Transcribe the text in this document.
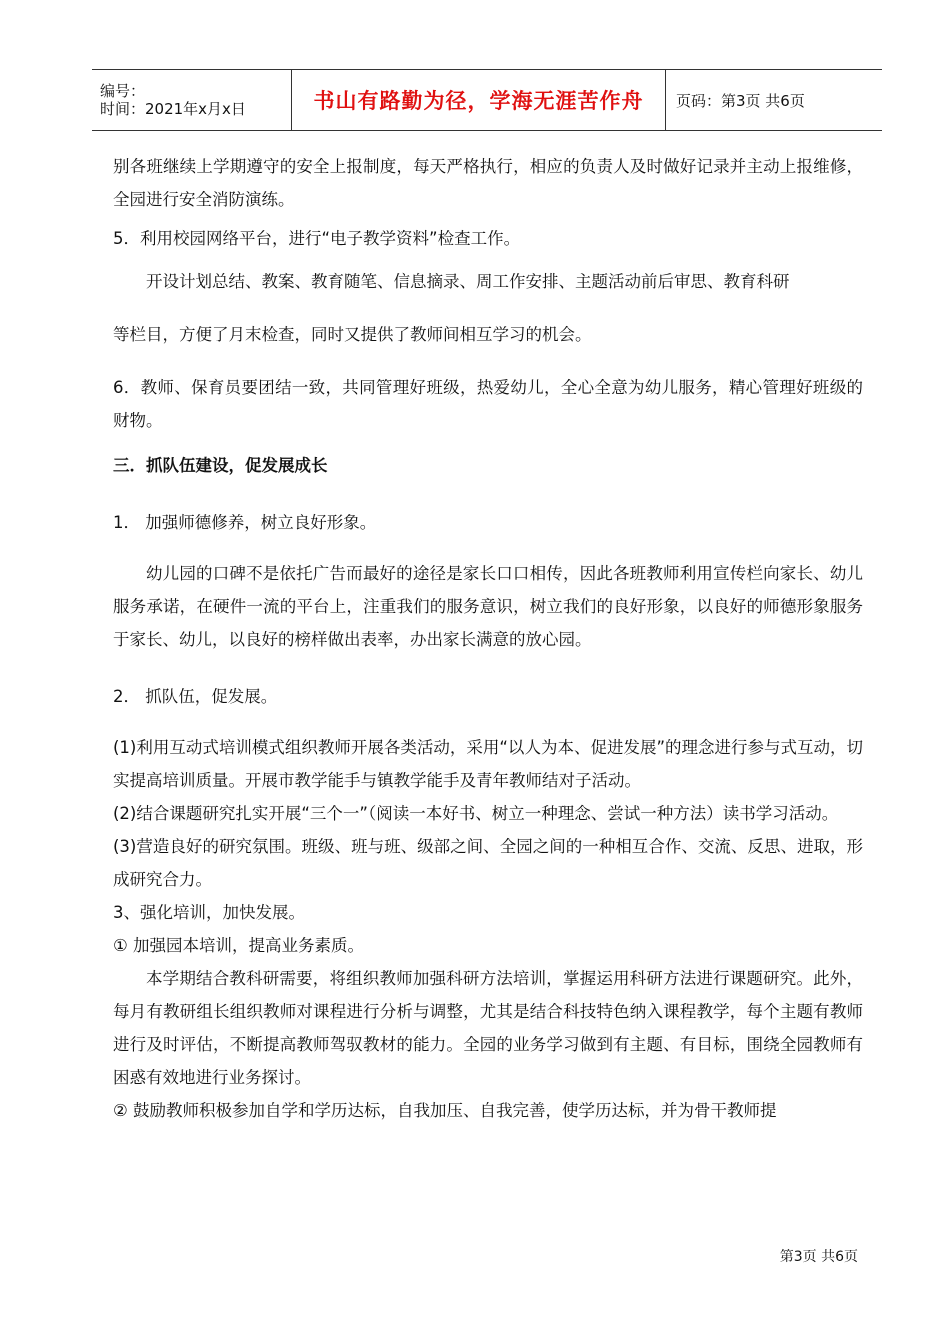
编号：
时间：2021年x月x日	书山有路勤为径，学海无涯苦作舟 页码：第3页 共6页

别各班继续上学期遵守的安全上报制度，每天严格执行，相应的负责人及时做好记录并主动上报维修，全园进行安全消防演练。

5．利用校园网络平台，进行“电子教学资料”检查工作。

开设计划总结、教案、教育随笔、信息摘录、周工作安排、主题活动前后审思、教育科研

等栏目，方便了月末检查，同时又提供了教师间相互学习的机会。

6．教师、保育员要团结一致，共同管理好班级，热爱幼儿，全心全意为幼儿服务，精心管理好班级的财物。

三．抓队伍建设，促发展成长

1． 加强师德修养，树立良好形象。

幼儿园的口碑不是依托广告而最好的途径是家长口口相传，因此各班教师利用宣传栏向家长、幼儿服务承诺，在硬件一流的平台上，注重我们的服务意识，树立我们的良好形象，以良好的师德形象服务于家长、幼儿，以良好的榜样做出表率，办出家长满意的放心园。

2． 抓队伍，促发展。

(1)利用互动式培训模式组织教师开展各类活动，采用“以人为本、促进发展”的理念进行参与式互动，切实提高培训质量。开展市教学能手与镇教学能手及青年教师结对子活动。

(2)结合课题研究扎实开展“三个一”（阅读一本好书、树立一种理念、尝试一种方法）读书学习活动。

(3)营造良好的研究氛围。班级、班与班、级部之间、全园之间的一种相互合作、交流、反思、进取，形成研究合力。

3、强化培训，加快发展。

① 加强园本培训，提高业务素质。

本学期结合教科研需要，将组织教师加强科研方法培训，掌握运用科研方法进行课题研究。此外，每月有教研组长组织教师对课程进行分析与调整，尤其是结合科技特色纳入课程教学，每个主题有教师进行及时评估，不断提高教师驾驭教材的能力。全园的业务学习做到有主题、有目标，围绕全园教师有困惑有效地进行业务探讨。

② 鼓励教师积极参加自学和学历达标，自我加压、自我完善，使学历达标，并为骨干教师提

第3页 共6页
